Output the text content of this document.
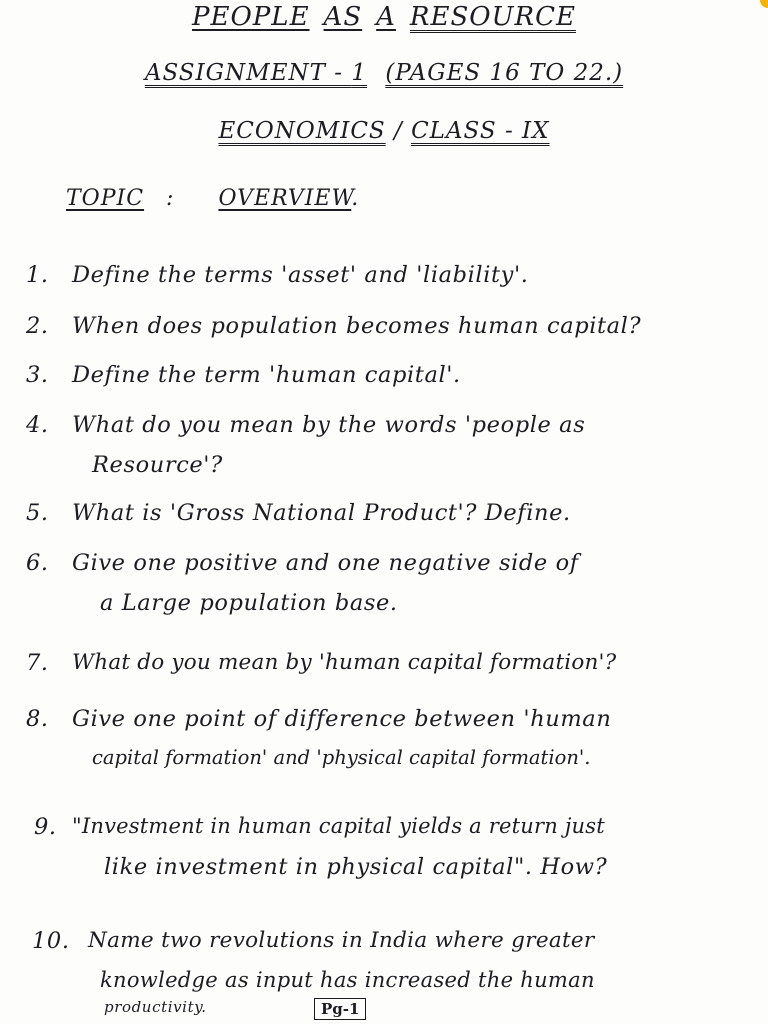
PEOPLE AS A RESOURCE
ASSIGNMENT - 1 (PAGES 16 TO 22.)
ECONOMICS / CLASS - IX
TOPIC : OVERVIEW.
1. Define the terms 'asset' and 'liability'.
2. When does population becomes human capital?
3. Define the term 'human capital'.
4. What do you mean by the words 'people as
Resource'?
5. What is 'Gross National Product'? Define.
6. Give one positive and one negative side of
a Large population base.
7. What do you mean by 'human capital formation'?
8. Give one point of difference between 'human
capital formation' and 'physical capital formation'.
9. "Investment in human capital yields a return just
like investment in physical capital". How?
10. Name two revolutions in India where greater
knowledge as input has increased the human
productivity.	Pg-1
